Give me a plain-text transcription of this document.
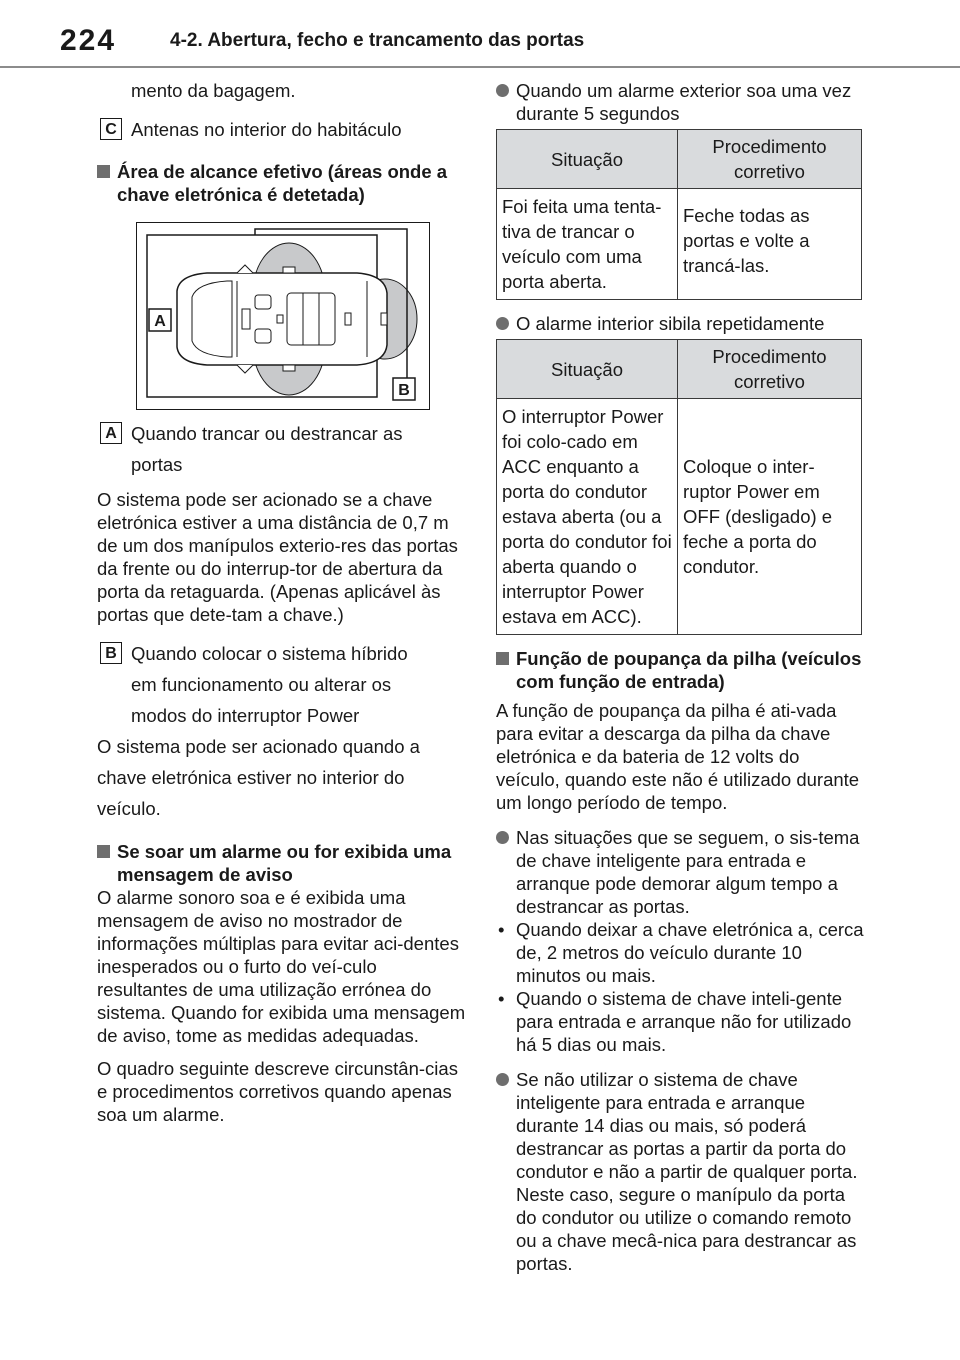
224	4-2. Abertura, fecho e trancamento das portas

mento da bagagem.

C Antenas no interior do habitáculo
Área de alcance efetivo (áreas onde a chave eletrónica é detetada)
A
B
A Quando trancar ou destrancar as
portas

O sistema pode ser acionado se a chave eletrónica estiver a uma distância de 0,7 m de um dos manípulos exterio-res das portas da frente ou do interrup-tor de abertura da porta da retaguarda. (Apenas aplicável às portas que dete-tam a chave.)

B Quando colocar o sistema híbrido
em funcionamento ou alterar os
modos do interruptor Power

O sistema pode ser acionado quando a chave eletrónica estiver no interior do veículo.

Se soar um alarme ou for exibida uma mensagem de aviso

O alarme sonoro soa e é exibida uma mensagem de aviso no mostrador de informações múltiplas para evitar aci-dentes inesperados ou o furto do veí-culo resultantes de uma utilização errónea do sistema. Quando for exibida uma mensagem de aviso, tome as medidas adequadas.

O quadro seguinte descreve circunstân-cias e procedimentos corretivos quando apenas soa um alarme.

Quando um alarme exterior soa uma vez durante 5 segundos
Situação	Procedimento corretivo
Foi feita uma tenta-tiva de trancar o veículo com uma porta aberta.	Feche todas as portas e volte a trancá-las.
O alarme interior sibila repetidamente
Situação	Procedimento corretivo
O interruptor Power foi colo-cado em ACC enquanto a porta do condutor estava aberta (ou a porta do condutor foi aberta quando o interruptor Power estava em ACC).	Coloque o inter-ruptor Power em OFF (desligado) e feche a porta do condutor.
Função de poupança da pilha (veículos com função de entrada)

A função de poupança da pilha é ati-vada para evitar a descarga da pilha da chave eletrónica e da bateria de 12 volts do veículo, quando este não é utilizado durante um longo período de tempo.

Nas situações que se seguem, o sis-tema de chave inteligente para entrada e arranque pode demorar algum tempo a destrancar as portas.
• Quando deixar a chave eletrónica a, cerca de, 2 metros do veículo durante 10 minutos ou mais.
• Quando o sistema de chave inteli-gente para entrada e arranque não for utilizado há 5 dias ou mais.
Se não utilizar o sistema de chave inteligente para entrada e arranque durante 14 dias ou mais, só poderá destrancar as portas a partir da porta do condutor e não a partir de qualquer porta. Neste caso, segure o manípulo da porta do condutor ou utilize o comando remoto ou a chave mecâ-nica para destrancar as portas.
